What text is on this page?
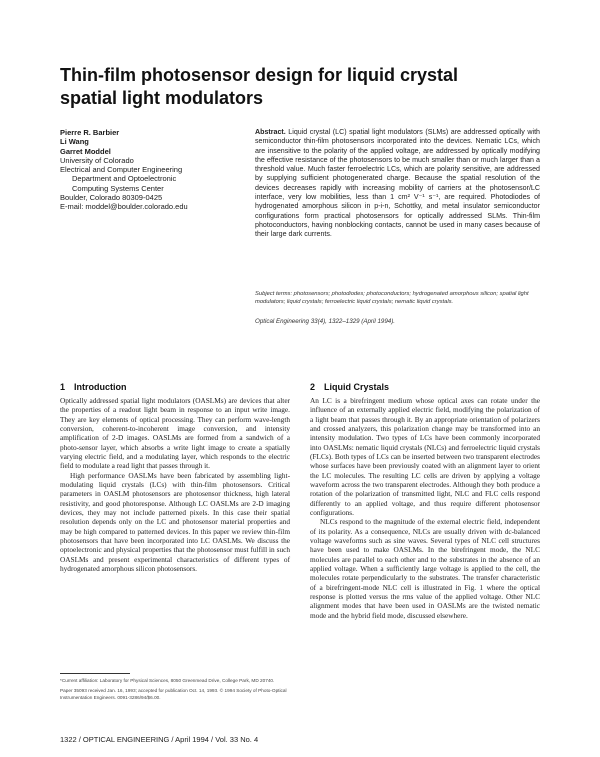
Thin-film photosensor design for liquid crystal
spatial light modulators
Pierre R. Barbier
Li Wang
Garret Moddel
University of Colorado
Electrical and Computer Engineering
Department and Optoelectronic
Computing Systems Center
Boulder, Colorado 80309-0425
E-mail: moddel@boulder.colorado.edu
Abstract. Liquid crystal (LC) spatial light modulators (SLMs) are addressed optically with semiconductor thin-film photosensors incorporated into the devices. Nematic LCs, which are insensitive to the polarity of the applied voltage, are addressed by optically modifying the effective resistance of the photosensors to be much smaller than or much larger than a threshold value. Much faster ferroelectric LCs, which are polarity sensitive, are addressed by supplying sufficient photogenerated charge. Because the spatial resolution of the devices decreases rapidly with increasing mobility of carriers at the photosensor/LC interface, very low mobilities, less than 1 cm² V⁻¹ s⁻¹, are required. Photodiodes of hydrogenated amorphous silicon in p-i-n, Schottky, and metal insulator semiconductor configurations form practical photosensors for optically addressed SLMs. Thin-film photoconductors, having nonblocking contacts, cannot be used in many cases because of their large dark currents.
Subject terms: photosensors; photodiodes; photoconductors; hydrogenated amorphous silicon; spatial light modulators; liquid crystals; ferroelectric liquid crystals; nematic liquid crystals.
Optical Engineering 33(4), 1322–1329 (April 1994).
1 Introduction

Optically addressed spatial light modulators (OASLMs) are devices that alter the properties of a readout light beam in response to an input write image. They are key elements of optical processing. They can perform wave-length conversion, coherent-to-incoherent image conversion, and intensity amplification of 2-D images. OASLMs are formed from a sandwich of a photo-sensor layer, which absorbs a write light image to create a spatially varying electric field, and a modulating layer, which responds to the electric field to modulate a read light that passes through it.

High performance OASLMs have been fabricated by assembling light-modulating liquid crystals (LCs) with thin-film photosensors. Critical parameters in OASLM photosensors are photosensor thickness, high lateral resistivity, and good photoresponse. Although LC OASLMs are 2-D imaging devices, they may not include patterned pixels. In this case their spatial resolution depends only on the LC and photosensor material properties and may be high compared to patterned devices. In this paper we review thin-film photosensors that have been incorporated into LC OASLMs. We discuss the optoelectronic and physical properties that the photosensor must fulfill in such OASLMs and present experimental characteristics of different types of hydrogenated amorphous silicon photosensors.

2 Liquid Crystals

An LC is a birefringent medium whose optical axes can rotate under the influence of an externally applied electric field, modifying the polarization of a light beam that passes through it. By an appropriate orientation of polarizers and crossed analyzers, this polarization change may be transformed into an intensity modulation. Two types of LCs have been commonly incorporated into OASLMs: nematic liquid crystals (NLCs) and ferroelectric liquid crystals (FLCs). Both types of LCs can be inserted between two transparent electrodes whose surfaces have been previously coated with an alignment layer to orient the LC molecules. The resulting LC cells are driven by applying a voltage waveform across the two transparent electrodes. Although they both produce a rotation of the polarization of transmitted light, NLC and FLC cells respond differently to an applied voltage, and thus require different photosensor configurations.

NLCs respond to the magnitude of the external electric field, independent of its polarity. As a consequence, NLCs are usually driven with dc-balanced voltage waveforms such as sine waves. Several types of NLC cell structures have been used to make OASLMs. In the birefringent mode, the NLC molecules are parallel to each other and to the substrates in the absence of an applied voltage. When a sufficiently large voltage is applied to the cell, the molecules rotate perpendicularly to the substrates. The transfer characteristic of a birefringent-mode NLC cell is illustrated in Fig. 1 where the optical response is plotted versus the rms value of the applied voltage. Other NLC alignment modes that have been used in OASLMs are the twisted nematic mode and the hybrid field mode, discussed elsewhere.

*Current affiliation: Laboratory for Physical Sciences, 8050 Greenmead Drive, College Park, MD 20740.

Paper 35093 received Jan. 16, 1993; accepted for publication Oct. 14, 1993. © 1994 Society of Photo-Optical Instrumentation Engineers. 0091-3286/94/$6.00.

1322 / OPTICAL ENGINEERING / April 1994 / Vol. 33 No. 4
